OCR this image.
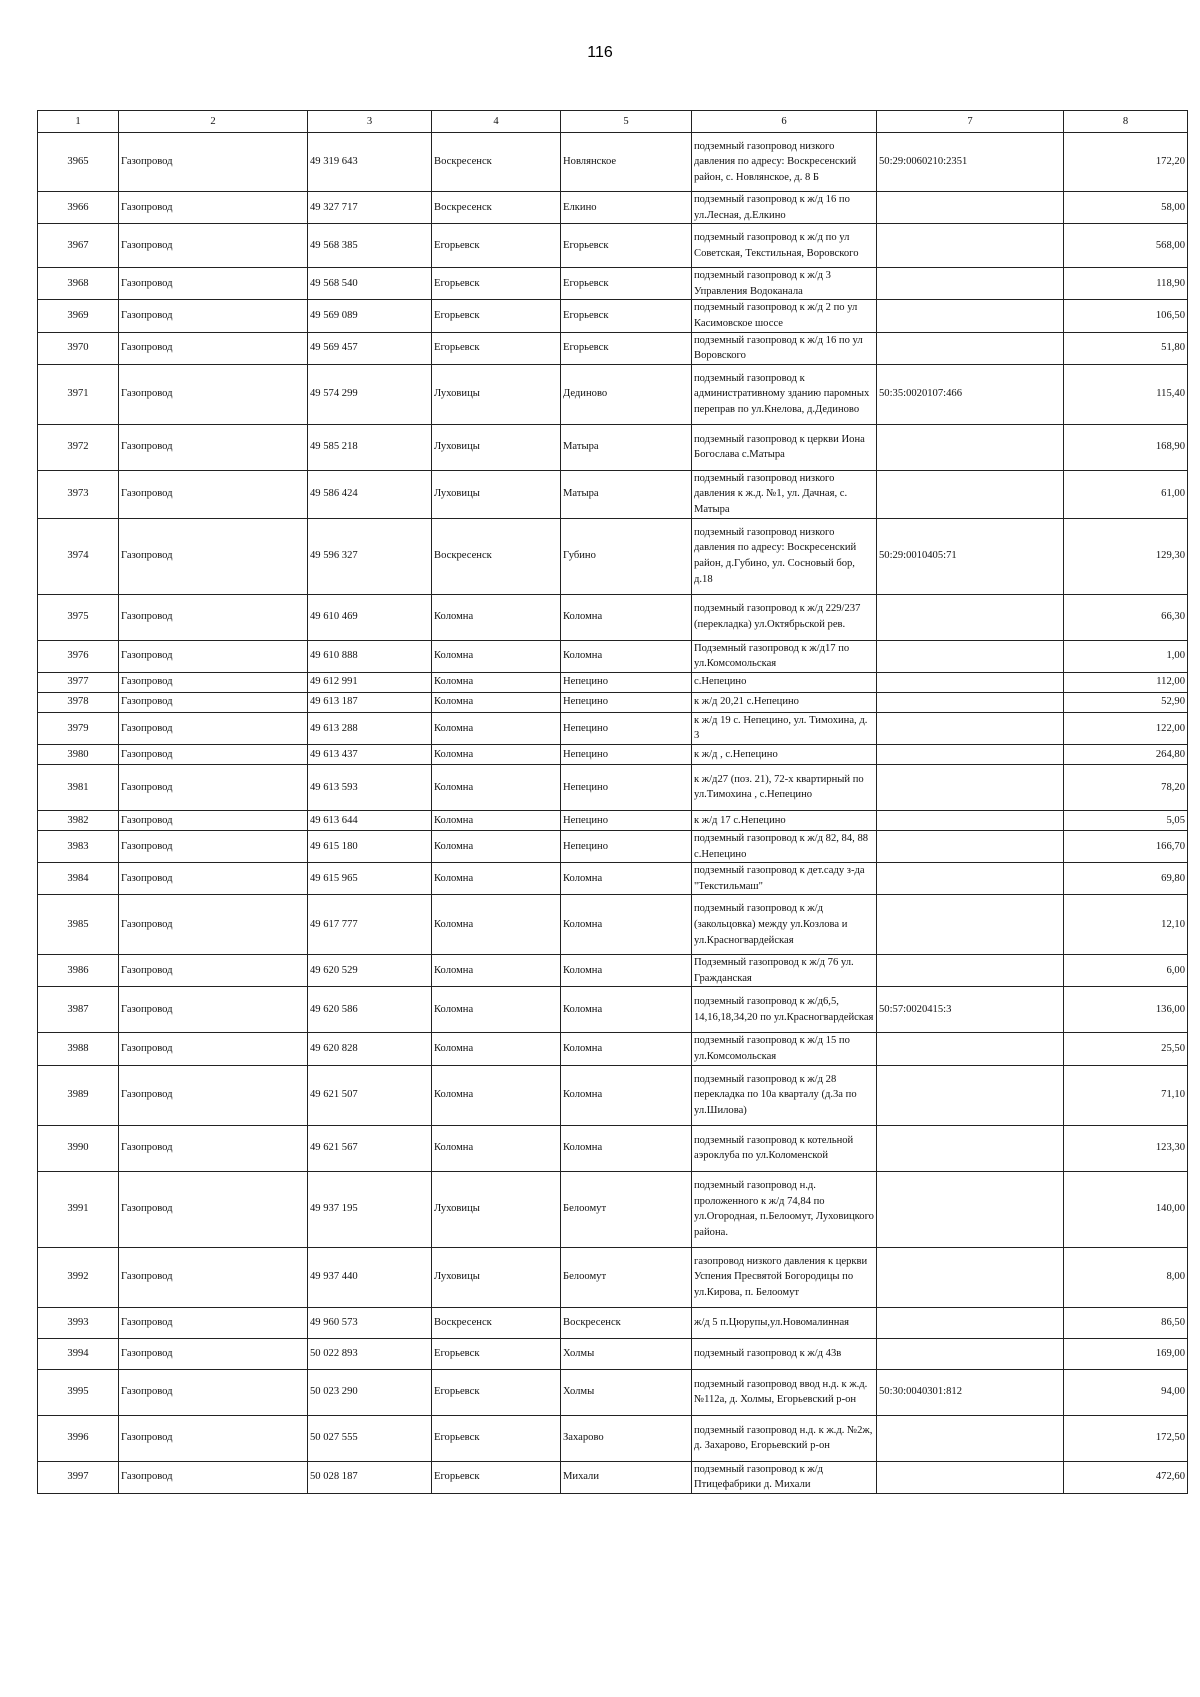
116
1	2	3	4	5	6	7	8
3965	Газопровод	49 319 643	Воскресенск	Новлянское	подземный газопровод низкого давления по адресу: Воскресенский район, с. Новлянское, д. 8 Б	50:29:0060210:2351	172,20
3966	Газопровод	49 327 717	Воскресенск	Елкино	подземный газопровод к ж/д 16 по ул.Лесная, д.Елкино		58,00
3967	Газопровод	49 568 385	Егорьевск	Егорьевск	подземный газопровод к ж/д по ул Советская, Текстильная, Воровского		568,00
3968	Газопровод	49 568 540	Егорьевск	Егорьевск	подземный газопровод к ж/д 3 Управления Водоканала		118,90
3969	Газопровод	49 569 089	Егорьевск	Егорьевск	подземный газопровод к ж/д 2 по ул Касимовское шоссе		106,50
3970	Газопровод	49 569 457	Егорьевск	Егорьевск	подземный газопровод к ж/д 16 по ул Воровского		51,80
3971	Газопровод	49 574 299	Луховицы	Дединово	подземный газопровод к административному зданию паромных переправ по ул.Кнелова, д.Дединово	50:35:0020107:466	115,40
3972	Газопровод	49 585 218	Луховицы	Матыра	подземный газопровод к церкви Иона Богослава с.Матыра		168,90
3973	Газопровод	49 586 424	Луховицы	Матыра	подземный газопровод низкого давления к ж.д. №1, ул. Дачная, с. Матыра		61,00
3974	Газопровод	49 596 327	Воскресенск	Губино	подземный газопровод низкого давления по адресу: Воскресенский район, д.Губино, ул. Сосновый бор, д.18	50:29:0010405:71	129,30
3975	Газопровод	49 610 469	Коломна	Коломна	подземный газопровод к ж/д 229/237 (перекладка) ул.Октябрьской рев.		66,30
3976	Газопровод	49 610 888	Коломна	Коломна	Подземный газопровод к ж/д17 по ул.Комсомольская		1,00
3977	Газопровод	49 612 991	Коломна	Непецино	с.Непецино		112,00
3978	Газопровод	49 613 187	Коломна	Непецино	к ж/д 20,21 с.Непецино		52,90
3979	Газопровод	49 613 288	Коломна	Непецино	к ж/д 19 с. Непецино, ул. Тимохина, д. 3		122,00
3980	Газопровод	49 613 437	Коломна	Непецино	к ж/д , с.Непецино		264,80
3981	Газопровод	49 613 593	Коломна	Непецино	к ж/д27 (поз. 21), 72-х квартирный по ул.Тимохина , с.Непецино		78,20
3982	Газопровод	49 613 644	Коломна	Непецино	к ж/д 17 с.Непецино		5,05
3983	Газопровод	49 615 180	Коломна	Непецино	подземный газопровод к ж/д 82, 84, 88 с.Непецино		166,70
3984	Газопровод	49 615 965	Коломна	Коломна	подземный газопровод к дет.саду з-да "Текстильмаш"		69,80
3985	Газопровод	49 617 777	Коломна	Коломна	подземный газопровод к ж/д (закольцовка) между ул.Козлова и ул.Красногвардейская		12,10
3986	Газопровод	49 620 529	Коломна	Коломна	Подземный газопровод к ж/д 76 ул. Гражданская		6,00
3987	Газопровод	49 620 586	Коломна	Коломна	подземный газопровод к ж/д6,5, 14,16,18,34,20 по ул.Красногвардейская	50:57:0020415:3	136,00
3988	Газопровод	49 620 828	Коломна	Коломна	подземный газопровод к ж/д 15 по ул.Комсомольская		25,50
3989	Газопровод	49 621 507	Коломна	Коломна	подземный газопровод к ж/д 28 перекладка по 10а кварталу (д.3а по ул.Шилова)		71,10
3990	Газопровод	49 621 567	Коломна	Коломна	подземный газопровод к котельной аэроклуба по ул.Коломенской		123,30
3991	Газопровод	49 937 195	Луховицы	Белоомут	подземный газопровод н.д. проложенного к ж/д 74,84 по ул.Огородная, п.Белоомут, Луховицкого района.		140,00
3992	Газопровод	49 937 440	Луховицы	Белоомут	газопровод низкого давления к церкви Успения Пресвятой Богородицы по ул.Кирова, п. Белоомут		8,00
3993	Газопровод	49 960 573	Воскресенск	Воскресенск	ж/д 5 п.Цюрупы,ул.Новомалинная		86,50
3994	Газопровод	50 022 893	Егорьевск	Холмы	подземный газопровод к ж/д 43в		169,00
3995	Газопровод	50 023 290	Егорьевск	Холмы	подземный газопровод ввод н.д. к ж.д.№112а, д. Холмы, Егорьевский р-он	50:30:0040301:812	94,00
3996	Газопровод	50 027 555	Егорьевск	Захарово	подземный газопровод н.д. к ж.д. №2ж, д. Захарово, Егорьевский р-он		172,50
3997	Газопровод	50 028 187	Егорьевск	Михали	подземный газопровод к ж/д Птицефабрики д. Михали		472,60
